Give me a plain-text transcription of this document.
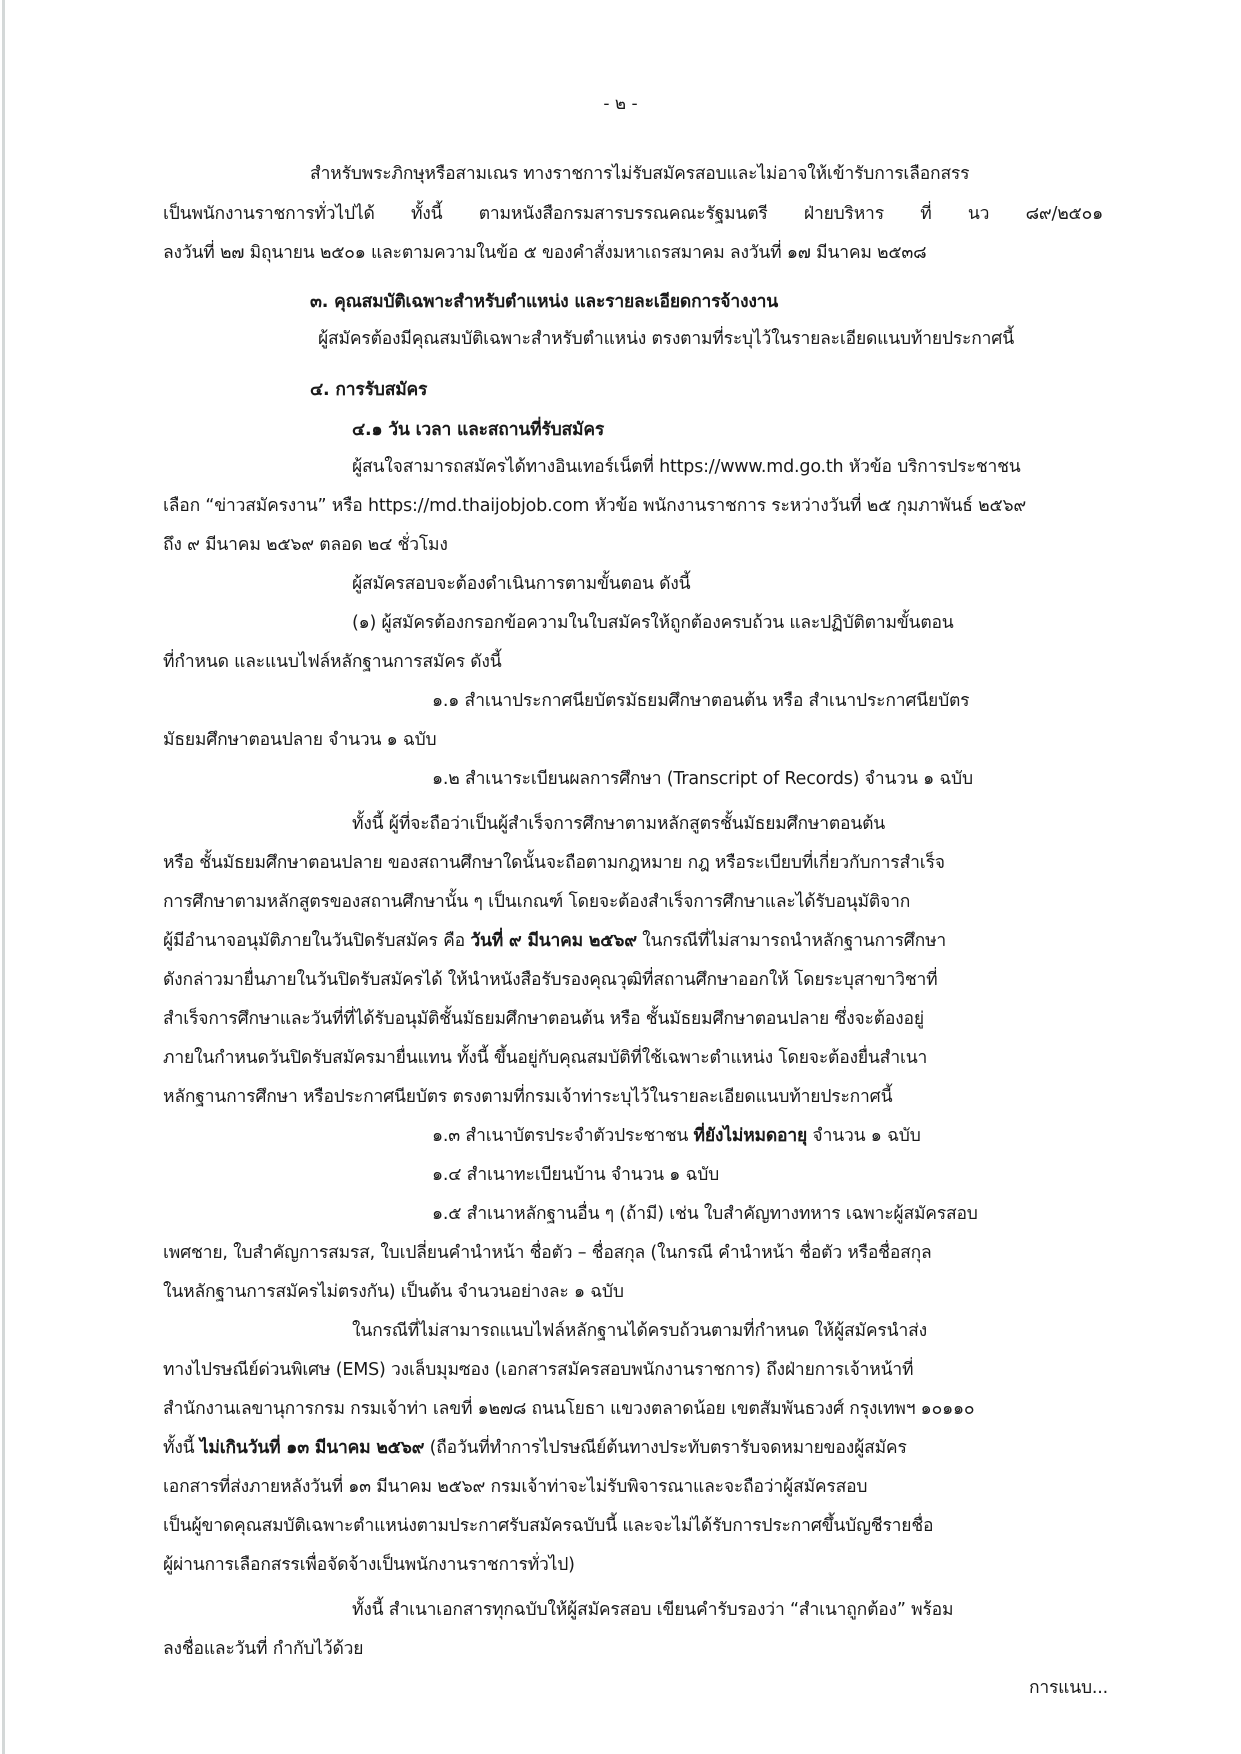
- ๒ -
สำหรับพระภิกษุหรือสามเณร ทางราชการไม่รับสมัครสอบและไม่อาจให้เข้ารับการเลือกสรร
เป็นพนักงานราชการทั่วไปได้ ทั้งนี้ ตามหนังสือกรมสารบรรณคณะรัฐมนตรี ฝ่ายบริหาร ที่ นว ๘๙/๒๕๐๑
ลงวันที่ ๒๗ มิถุนายน ๒๕๐๑ และตามความในข้อ ๕ ของคำสั่งมหาเถรสมาคม ลงวันที่ ๑๗ มีนาคม ๒๕๓๘
๓. คุณสมบัติเฉพาะสำหรับตำแหน่ง และรายละเอียดการจ้างงาน
ผู้สมัครต้องมีคุณสมบัติเฉพาะสำหรับตำแหน่ง ตรงตามที่ระบุไว้ในรายละเอียดแนบท้ายประกาศนี้
๔. การรับสมัคร
๔.๑ วัน เวลา และสถานที่รับสมัคร
ผู้สนใจสามารถสมัครได้ทางอินเทอร์เน็ตที่ https://www.md.go.th หัวข้อ บริการประชาชน
เลือก “ข่าวสมัครงาน” หรือ https://md.thaijobjob.com หัวข้อ พนักงานราชการ ระหว่างวันที่ ๒๕ กุมภาพันธ์ ๒๕๖๙
ถึง ๙ มีนาคม ๒๕๖๙ ตลอด ๒๔ ชั่วโมง
ผู้สมัครสอบจะต้องดำเนินการตามขั้นตอน ดังนี้
(๑) ผู้สมัครต้องกรอกข้อความในใบสมัครให้ถูกต้องครบถ้วน และปฏิบัติตามขั้นตอน
ที่กำหนด และแนบไฟล์หลักฐานการสมัคร ดังนี้
๑.๑ สำเนาประกาศนียบัตรมัธยมศึกษาตอนต้น หรือ สำเนาประกาศนียบัตร
มัธยมศึกษาตอนปลาย จำนวน ๑ ฉบับ
๑.๒ สำเนาระเบียนผลการศึกษา (Transcript of Records) จำนวน ๑ ฉบับ
ทั้งนี้ ผู้ที่จะถือว่าเป็นผู้สำเร็จการศึกษาตามหลักสูตรชั้นมัธยมศึกษาตอนต้น
หรือ ชั้นมัธยมศึกษาตอนปลาย ของสถานศึกษาใดนั้นจะถือตามกฎหมาย กฎ หรือระเบียบที่เกี่ยวกับการสำเร็จ
การศึกษาตามหลักสูตรของสถานศึกษานั้น ๆ เป็นเกณฑ์ โดยจะต้องสำเร็จการศึกษาและได้รับอนุมัติจาก
ผู้มีอำนาจอนุมัติภายในวันปิดรับสมัคร คือ วันที่ ๙ มีนาคม ๒๕๖๙ ในกรณีที่ไม่สามารถนำหลักฐานการศึกษา
ดังกล่าวมายื่นภายในวันปิดรับสมัครได้ ให้นำหนังสือรับรองคุณวุฒิที่สถานศึกษาออกให้ โดยระบุสาขาวิชาที่
สำเร็จการศึกษาและวันที่ที่ได้รับอนุมัติชั้นมัธยมศึกษาตอนต้น หรือ ชั้นมัธยมศึกษาตอนปลาย ซึ่งจะต้องอยู่
ภายในกำหนดวันปิดรับสมัครมายื่นแทน ทั้งนี้ ขึ้นอยู่กับคุณสมบัติที่ใช้เฉพาะตำแหน่ง โดยจะต้องยื่นสำเนา
หลักฐานการศึกษา หรือประกาศนียบัตร ตรงตามที่กรมเจ้าท่าระบุไว้ในรายละเอียดแนบท้ายประกาศนี้
๑.๓ สำเนาบัตรประจำตัวประชาชน ที่ยังไม่หมดอายุ จำนวน ๑ ฉบับ
๑.๔ สำเนาทะเบียนบ้าน จำนวน ๑ ฉบับ
๑.๕ สำเนาหลักฐานอื่น ๆ (ถ้ามี) เช่น ใบสำคัญทางทหาร เฉพาะผู้สมัครสอบ
เพศชาย, ใบสำคัญการสมรส, ใบเปลี่ยนคำนำหน้า ชื่อตัว – ชื่อสกุล (ในกรณี คำนำหน้า ชื่อตัว หรือชื่อสกุล
ในหลักฐานการสมัครไม่ตรงกัน) เป็นต้น จำนวนอย่างละ ๑ ฉบับ
ในกรณีที่ไม่สามารถแนบไฟล์หลักฐานได้ครบถ้วนตามที่กำหนด ให้ผู้สมัครนำส่ง
ทางไปรษณีย์ด่วนพิเศษ (EMS) วงเล็บมุมซอง (เอกสารสมัครสอบพนักงานราชการ) ถึงฝ่ายการเจ้าหน้าที่
สำนักงานเลขานุการกรม กรมเจ้าท่า เลขที่ ๑๒๗๘ ถนนโยธา แขวงตลาดน้อย เขตสัมพันธวงศ์ กรุงเทพฯ ๑๐๑๑๐
ทั้งนี้ ไม่เกินวันที่ ๑๓ มีนาคม ๒๕๖๙ (ถือวันที่ทำการไปรษณีย์ต้นทางประทับตรารับจดหมายของผู้สมัคร
เอกสารที่ส่งภายหลังวันที่ ๑๓ มีนาคม ๒๕๖๙ กรมเจ้าท่าจะไม่รับพิจารณาและจะถือว่าผู้สมัครสอบ
เป็นผู้ขาดคุณสมบัติเฉพาะตำแหน่งตามประกาศรับสมัครฉบับนี้ และจะไม่ได้รับการประกาศขึ้นบัญชีรายชื่อ
ผู้ผ่านการเลือกสรรเพื่อจัดจ้างเป็นพนักงานราชการทั่วไป)
ทั้งนี้ สำเนาเอกสารทุกฉบับให้ผู้สมัครสอบ เขียนคำรับรองว่า “สำเนาถูกต้อง” พร้อม
ลงชื่อและวันที่ กำกับไว้ด้วย
การแนบ...
